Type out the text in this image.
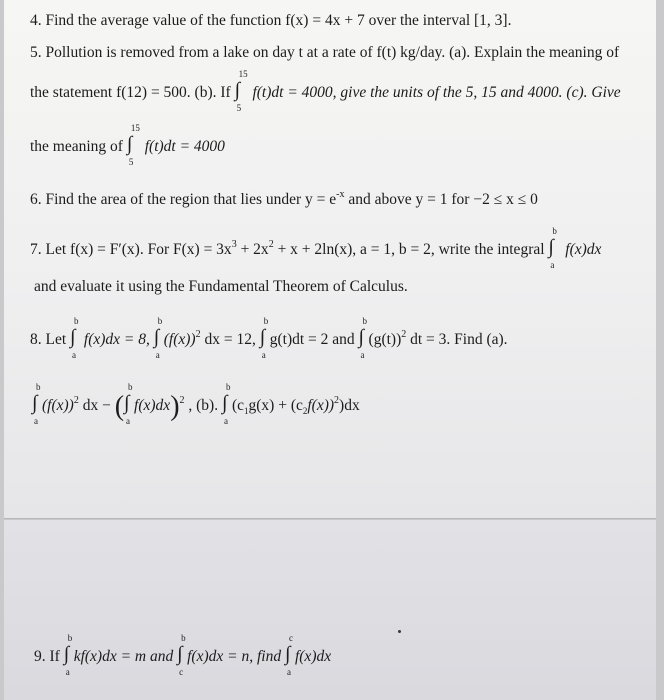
4. Find the average value of the function f(x) = 4x + 7 over the interval [1, 3].
5. Pollution is removed from a lake on day t at a rate of f(t) kg/day. (a). Explain the meaning of
the statement f(12) = 500. (b). If ∫
15
5
f(t)dt = 4000, give the units of the 5, 15 and 4000. (c). Give
the meaning of ∫
15
5
f(t)dt = 4000
6. Find the area of the region that lies under $y = e^{-x}$ and above y = 1 for −2 ≤ x ≤ 0
7. Let f(x) = F′(x). For $F(x) = 3x^3 + 2x^2 + x + 2\ln(x)$, a = 1, b = 2, write the integral ∫
b
a
f(x)dx
and evaluate it using the Fundamental Theorem of Calculus.
8. Let ∫
b
a
f(x)dx = 8, ∫
b
a
$(f(x))^2$ dx = 12, ∫
b
a
g(t)dt = 2 and ∫
b
a
$(g(t))^2$ dt = 3. Find (a).
∫
b
a
$(f(x))^2$ dx − ( ∫
b
a
f(x)dx)$^2$ , (b). ∫
b
a
$(c_1g(x) + (c_2f(x))^2)dx$
9. If ∫
b
a
kf(x)dx = m and ∫
b
c
f(x)dx = n, find ∫
c
a
f(x)dx
